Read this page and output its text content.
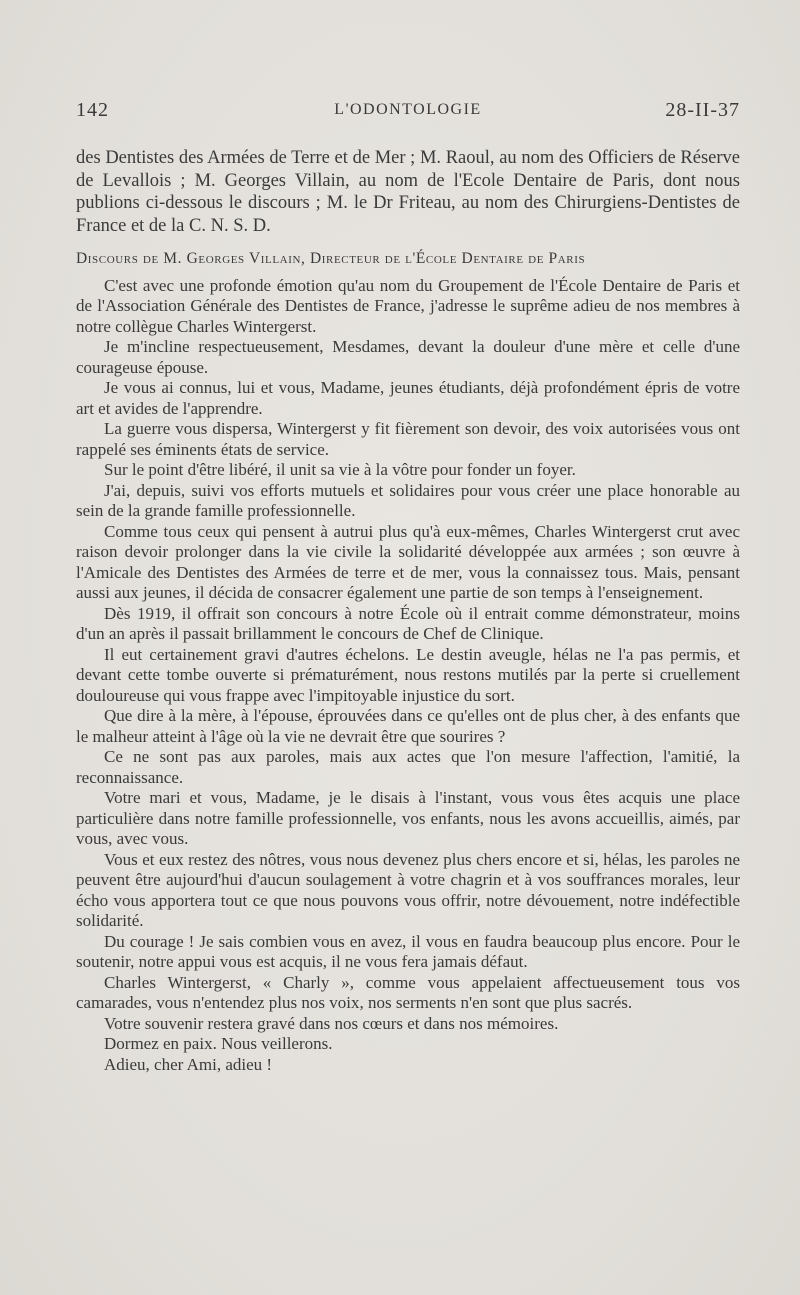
142	L'ODONTOLOGIE	28-II-37

des Dentistes des Armées de Terre et de Mer ; M. Raoul, au nom des Officiers de Réserve de Levallois ; M. Georges Villain, au nom de l'Ecole Dentaire de Paris, dont nous publions ci-dessous le discours ; M. le Dr Friteau, au nom des Chirurgiens-Dentistes de France et de la C. N. S. D.

Discours de M. Georges Villain, Directeur de l'École Dentaire de Paris

C'est avec une profonde émotion qu'au nom du Groupement de l'École Dentaire de Paris et de l'Association Générale des Dentistes de France, j'adresse le suprême adieu de nos membres à notre collègue Charles Wintergerst.

Je m'incline respectueusement, Mesdames, devant la douleur d'une mère et celle d'une courageuse épouse.

Je vous ai connus, lui et vous, Madame, jeunes étudiants, déjà profondément épris de votre art et avides de l'apprendre.

La guerre vous dispersa, Wintergerst y fit fièrement son devoir, des voix autorisées vous ont rappelé ses éminents états de service.

Sur le point d'être libéré, il unit sa vie à la vôtre pour fonder un foyer.

J'ai, depuis, suivi vos efforts mutuels et solidaires pour vous créer une place honorable au sein de la grande famille professionnelle.

Comme tous ceux qui pensent à autrui plus qu'à eux-mêmes, Charles Wintergerst crut avec raison devoir prolonger dans la vie civile la solidarité développée aux armées ; son œuvre à l'Amicale des Dentistes des Armées de terre et de mer, vous la connaissez tous. Mais, pensant aussi aux jeunes, il décida de consacrer également une partie de son temps à l'enseignement.

Dès 1919, il offrait son concours à notre École où il entrait comme démonstrateur, moins d'un an après il passait brillamment le concours de Chef de Clinique.

Il eut certainement gravi d'autres échelons. Le destin aveugle, hélas ne l'a pas permis, et devant cette tombe ouverte si prématurément, nous restons mutilés par la perte si cruellement douloureuse qui vous frappe avec l'impitoyable injustice du sort.

Que dire à la mère, à l'épouse, éprouvées dans ce qu'elles ont de plus cher, à des enfants que le malheur atteint à l'âge où la vie ne devrait être que sourires ?

Ce ne sont pas aux paroles, mais aux actes que l'on mesure l'affection, l'amitié, la reconnaissance.

Votre mari et vous, Madame, je le disais à l'instant, vous vous êtes acquis une place particulière dans notre famille professionnelle, vos enfants, nous les avons accueillis, aimés, par vous, avec vous.

Vous et eux restez des nôtres, vous nous devenez plus chers encore et si, hélas, les paroles ne peuvent être aujourd'hui d'aucun soulagement à votre chagrin et à vos souffrances morales, leur écho vous apportera tout ce que nous pouvons vous offrir, notre dévouement, notre indéfectible solidarité.

Du courage ! Je sais combien vous en avez, il vous en faudra beaucoup plus encore. Pour le soutenir, notre appui vous est acquis, il ne vous fera jamais défaut.

Charles Wintergerst, « Charly », comme vous appelaient affectueusement tous vos camarades, vous n'entendez plus nos voix, nos serments n'en sont que plus sacrés.

Votre souvenir restera gravé dans nos cœurs et dans nos mémoires.

Dormez en paix. Nous veillerons.

Adieu, cher Ami, adieu !
